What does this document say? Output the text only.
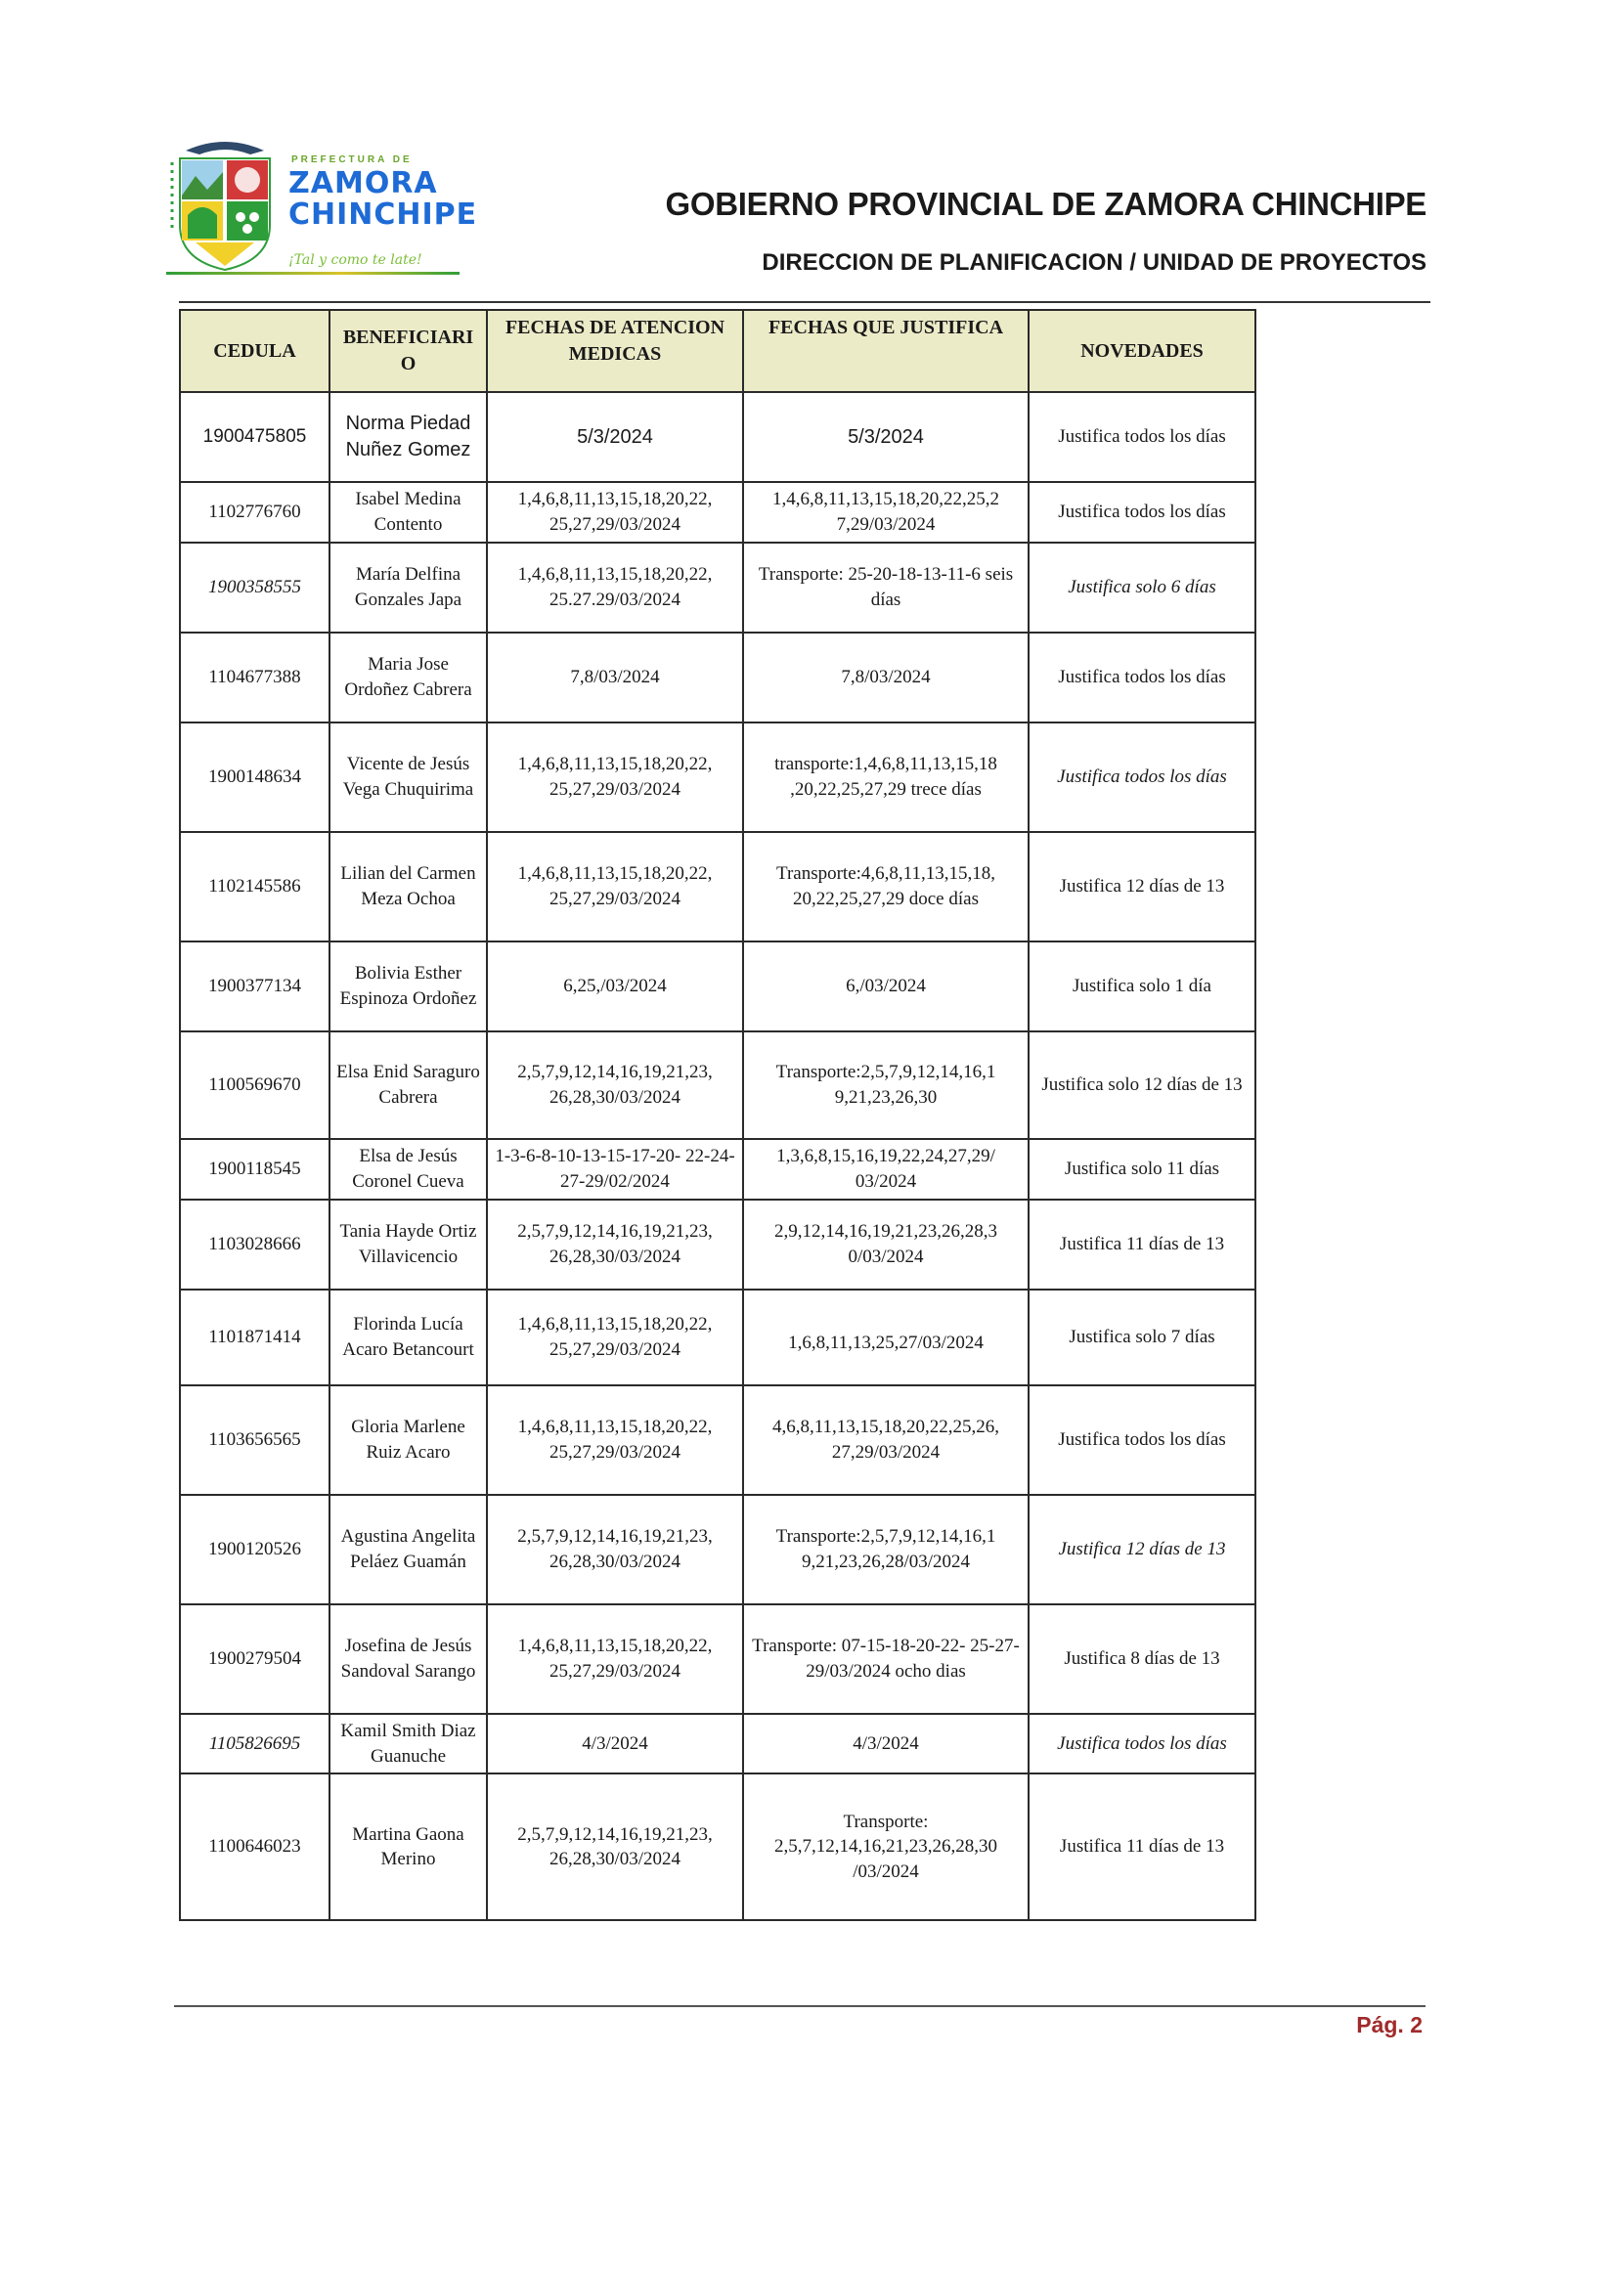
PREFECTURA DE
ZAMORA
CHINCHIPE
¡Tal y como te late!
GOBIERNO PROVINCIAL DE ZAMORA CHINCHIPE
DIRECCION DE PLANIFICACION / UNIDAD DE PROYECTOS
CEDULA	BENEFICIARIO	FECHAS DE ATENCION MEDICAS	FECHAS QUE JUSTIFICA	NOVEDADES
1900475805	Norma Piedad Nuñez Gomez	5/3/2024	5/3/2024	Justifica todos los días
1102776760	Isabel Medina Contento	1,4,6,8,11,13,15,18,20,22, 25,27,29/03/2024	1,4,6,8,11,13,15,18,20,22,25,2 7,29/03/2024	Justifica todos los días
1900358555	María Delfina Gonzales Japa	1,4,6,8,11,13,15,18,20,22, 25.27.29/03/2024	Transporte: 25-20-18-13-11-6 seis días	Justifica solo 6 días
1104677388	Maria Jose Ordoñez Cabrera	7,8/03/2024	7,8/03/2024	Justifica todos los días
1900148634	Vicente de Jesús Vega Chuquirima	1,4,6,8,11,13,15,18,20,22, 25,27,29/03/2024	transporte:1,4,6,8,11,13,15,18 ,20,22,25,27,29 trece días	Justifica todos los días
1102145586	Lilian del Carmen Meza Ochoa	1,4,6,8,11,13,15,18,20,22, 25,27,29/03/2024	Transporte:4,6,8,11,13,15,18, 20,22,25,27,29 doce días	Justifica 12 días de 13
1900377134	Bolivia Esther Espinoza Ordoñez	6,25,/03/2024	6,/03/2024	Justifica solo 1 día
1100569670	Elsa Enid Saraguro Cabrera	2,5,7,9,12,14,16,19,21,23, 26,28,30/03/2024	Transporte:2,5,7,9,12,14,16,1 9,21,23,26,30	Justifica solo 12 días de 13
1900118545	Elsa de Jesús Coronel Cueva	1-3-6-8-10-13-15-17-20- 22-24-27-29/02/2024	1,3,6,8,15,16,19,22,24,27,29/ 03/2024	Justifica solo 11 días
1103028666	Tania Hayde Ortiz Villavicencio	2,5,7,9,12,14,16,19,21,23, 26,28,30/03/2024	2,9,12,14,16,19,21,23,26,28,3 0/03/2024	Justifica 11 días de 13
1101871414	Florinda Lucía Acaro Betancourt	1,4,6,8,11,13,15,18,20,22, 25,27,29/03/2024	1,6,8,11,13,25,27/03/2024	Justifica solo 7 días
1103656565	Gloria Marlene Ruiz Acaro	1,4,6,8,11,13,15,18,20,22, 25,27,29/03/2024	4,6,8,11,13,15,18,20,22,25,26, 27,29/03/2024	Justifica todos los días
1900120526	Agustina Angelita Peláez Guamán	2,5,7,9,12,14,16,19,21,23, 26,28,30/03/2024	Transporte:2,5,7,9,12,14,16,1 9,21,23,26,28/03/2024	Justifica 12 días de 13
1900279504	Josefina de Jesús Sandoval Sarango	1,4,6,8,11,13,15,18,20,22, 25,27,29/03/2024	Transporte: 07-15-18-20-22- 25-27-29/03/2024 ocho dias	Justifica 8 días de 13
1105826695	Kamil Smith Diaz Guanuche	4/3/2024	4/3/2024	Justifica todos los días
1100646023	Martina Gaona Merino	2,5,7,9,12,14,16,19,21,23, 26,28,30/03/2024	Transporte: 2,5,7,12,14,16,21,23,26,28,30 /03/2024	Justifica 11 días de 13
Pág. 2
